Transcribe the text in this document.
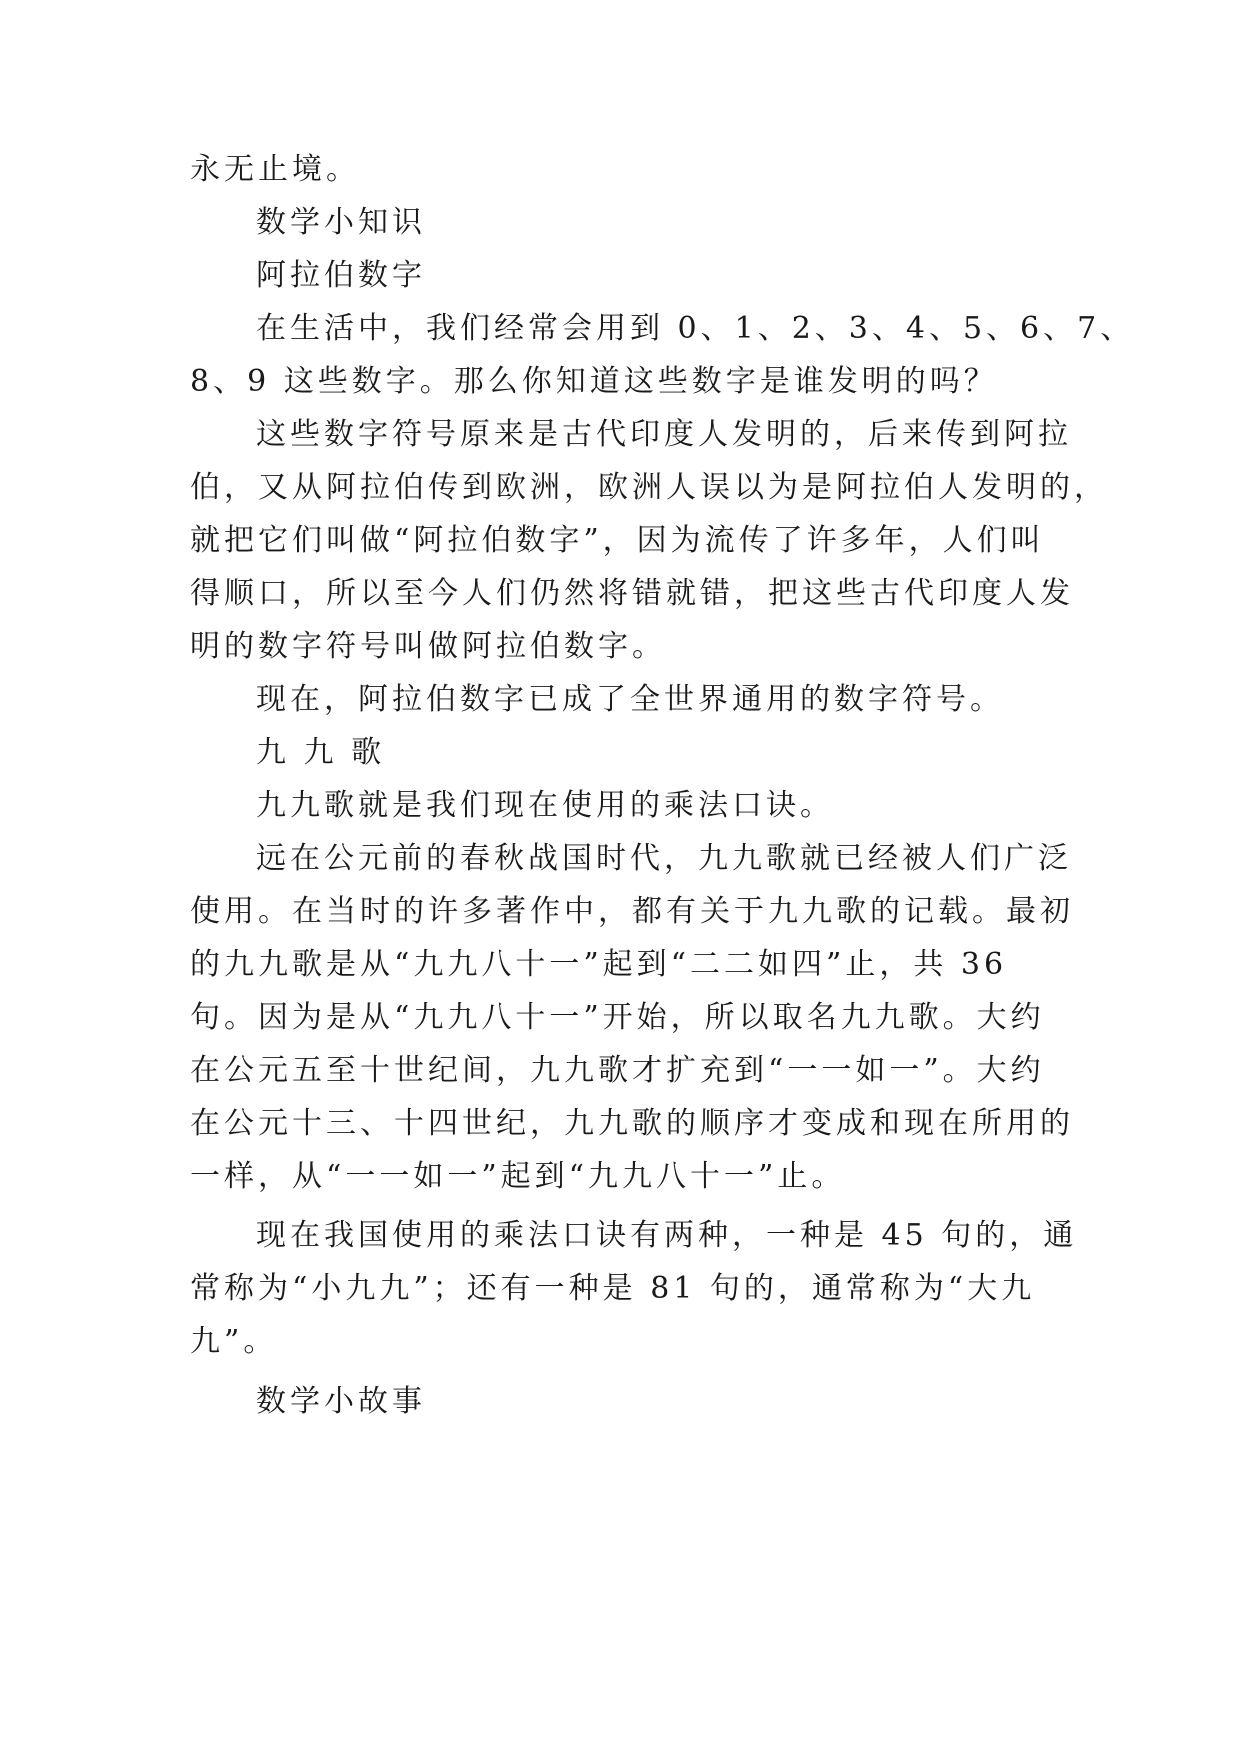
永无止境。

数学小知识

阿拉伯数字

在生活中，我们经常会用到 0、1、2、3、4、5、6、7、

8、9 这些数字。那么你知道这些数字是谁发明的吗？

这些数字符号原来是古代印度人发明的，后来传到阿拉

伯，又从阿拉伯传到欧洲，欧洲人误以为是阿拉伯人发明的，

就把它们叫做“阿拉伯数字”，因为流传了许多年，人们叫

得顺口，所以至今人们仍然将错就错，把这些古代印度人发

明的数字符号叫做阿拉伯数字。

现在，阿拉伯数字已成了全世界通用的数字符号。

九 九 歌

九九歌就是我们现在使用的乘法口诀。

远在公元前的春秋战国时代，九九歌就已经被人们广泛

使用。在当时的许多著作中，都有关于九九歌的记载。最初

的九九歌是从“九九八十一”起到“二二如四”止，共 36

句。因为是从“九九八十一”开始，所以取名九九歌。大约

在公元五至十世纪间，九九歌才扩充到“一一如一”。大约

在公元十三、十四世纪，九九歌的顺序才变成和现在所用的

一样，从“一一如一”起到“九九八十一”止。

现在我国使用的乘法口诀有两种，一种是 45 句的，通

常称为“小九九”；还有一种是 81 句的，通常称为“大九

九”。

数学小故事
